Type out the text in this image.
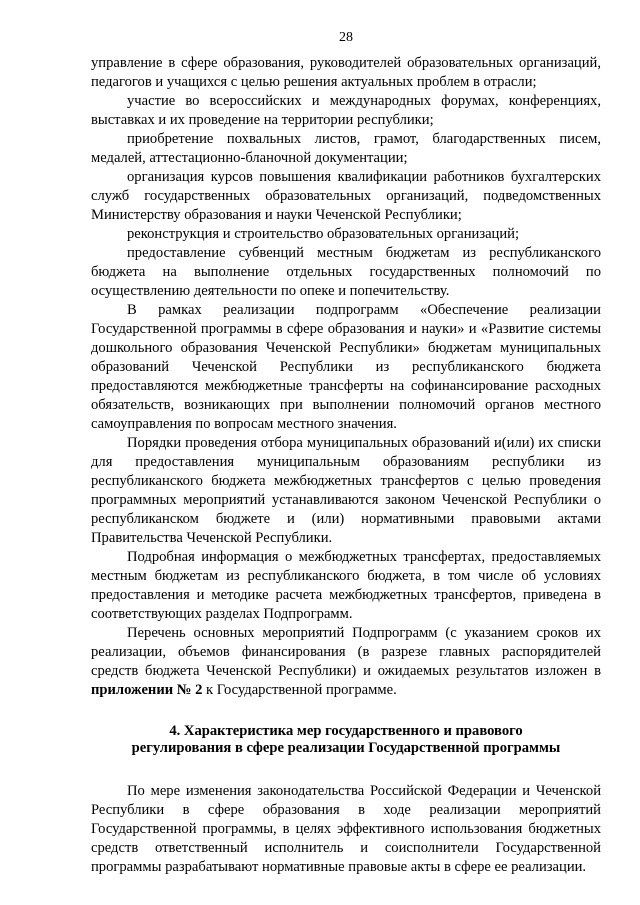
28

управление в сфере образования, руководителей образовательных организаций, педагогов и учащихся с целью решения актуальных проблем в отрасли;

участие во всероссийских и международных форумах, конференциях, выставках и их проведение на территории республики;

приобретение похвальных листов, грамот, благодарственных писем, медалей, аттестационно-бланочной документации;

организация курсов повышения квалификации работников бухгалтерских служб государственных образовательных организаций, подведомственных Министерству образования и науки Чеченской Республики;

реконструкция и строительство образовательных организаций;

предоставление субвенций местным бюджетам из республиканского бюджета на выполнение отдельных государственных полномочий по осуществлению деятельности по опеке и попечительству.

В рамках реализации подпрограмм «Обеспечение реализации Государственной программы в сфере образования и науки» и «Развитие системы дошкольного образования Чеченской Республики» бюджетам муниципальных образований Чеченской Республики из республиканского бюджета предоставляются межбюджетные трансферты на софинансирование расходных обязательств, возникающих при выполнении полномочий органов местного самоуправления по вопросам местного значения.

Порядки проведения отбора муниципальных образований и(или) их списки для предоставления муниципальным образованиям республики из республиканского бюджета межбюджетных трансфертов с целью проведения программных мероприятий устанавливаются законом Чеченской Республики о республиканском бюджете и (или) нормативными правовыми актами Правительства Чеченской Республики.

Подробная информация о межбюджетных трансфертах, предоставляемых местным бюджетам из республиканского бюджета, в том числе об условиях предоставления и методике расчета межбюджетных трансфертов, приведена в соответствующих разделах Подпрограмм.

Перечень основных мероприятий Подпрограмм (с указанием сроков их реализации, объемов финансирования (в разрезе главных распорядителей средств бюджета Чеченской Республики) и ожидаемых результатов изложен в приложении № 2 к Государственной программе.

4. Характеристика мер государственного и правового
регулирования в сфере реализации Государственной программы

По мере изменения законодательства Российской Федерации и Чеченской Республики в сфере образования в ходе реализации мероприятий Государственной программы, в целях эффективного использования бюджетных средств ответственный исполнитель и соисполнители Государственной программы разрабатывают нормативные правовые акты в сфере ее реализации.
